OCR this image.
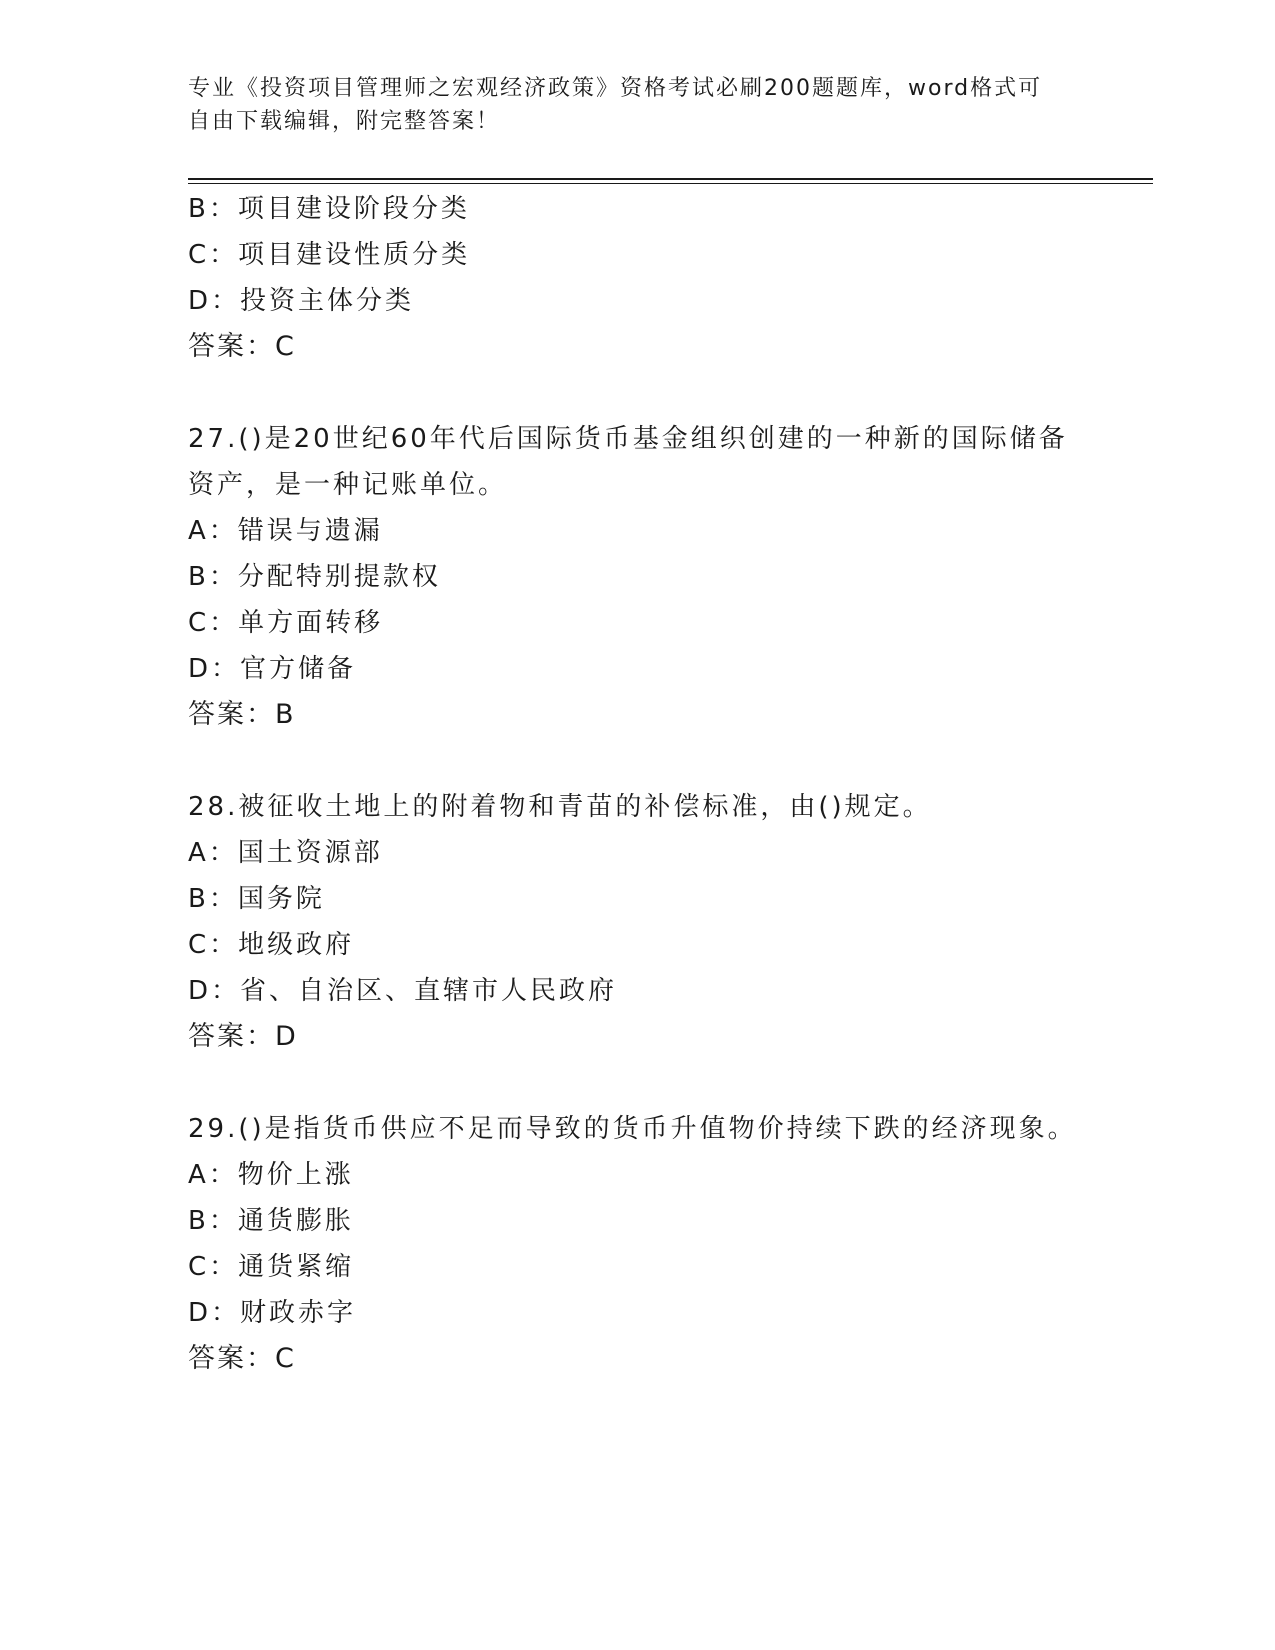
专业《投资项目管理师之宏观经济政策》资格考试必刷200题题库，word格式可
自由下载编辑，附完整答案！
B：项目建设阶段分类
C：项目建设性质分类
D：投资主体分类
答案：C
27.()是20世纪60年代后国际货币基金组织创建的一种新的国际储备
资产，是一种记账单位。
A：错误与遗漏
B：分配特别提款权
C：单方面转移
D：官方储备
答案：B
28.被征收土地上的附着物和青苗的补偿标准，由()规定。
A：国土资源部
B：国务院
C：地级政府
D：省、自治区、直辖市人民政府
答案：D
29.()是指货币供应不足而导致的货币升值物价持续下跌的经济现象。
A：物价上涨
B：通货膨胀
C：通货紧缩
D：财政赤字
答案：C
